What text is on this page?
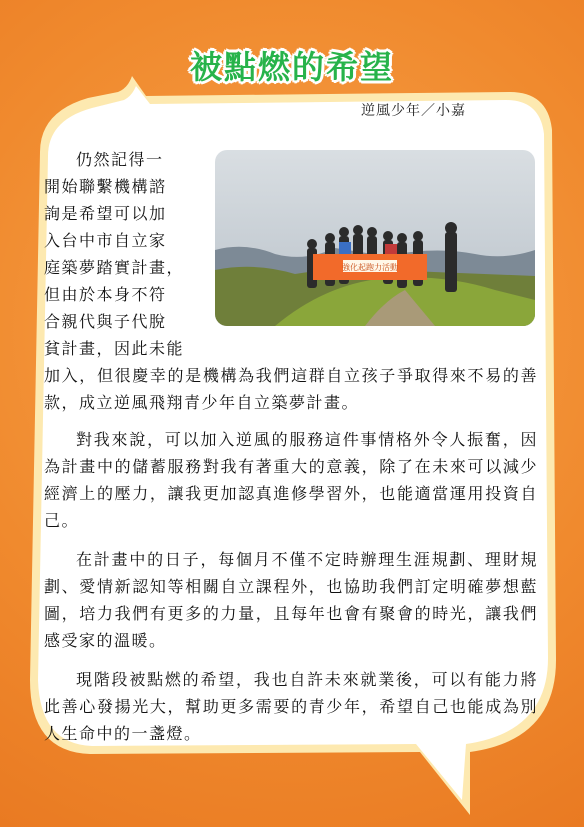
被點燃的希望
逆風少年／小嘉
強化起跑力活動

仍然記得一

開始聯繫機構諮

詢是希望可以加

入台中市自立家

庭築夢踏實計畫，

但由於本身不符

合親代與子代脫

貧計畫，因此未能

加入，但很慶幸的是機構為我們這群自立孩子爭取得來不易的善款，成立逆風飛翔青少年自立築夢計畫。

對我來說，可以加入逆風的服務這件事情格外令人振奮，因為計畫中的儲蓄服務對我有著重大的意義，除了在未來可以減少經濟上的壓力，讓我更加認真進修學習外，也能適當運用投資自己。

在計畫中的日子，每個月不僅不定時辦理生涯規劃、理財規劃、愛情新認知等相關自立課程外，也協助我們訂定明確夢想藍圖，培力我們有更多的力量，且每年也會有聚會的時光，讓我們感受家的溫暖。

現階段被點燃的希望，我也自許未來就業後，可以有能力將此善心發揚光大，幫助更多需要的青少年，希望自己也能成為別人生命中的一盞燈。
